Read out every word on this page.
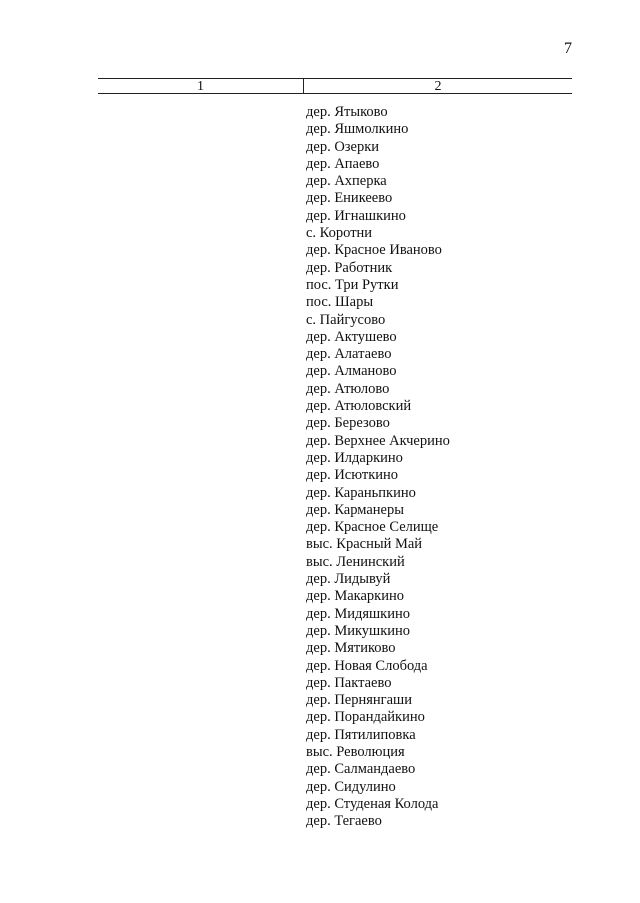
7
1	2
дер. Ятыково
дер. Яшмолкино
дер. Озерки
дер. Апаево
дер. Ахперка
дер. Еникеево
дер. Игнашкино
с. Коротни
дер. Красное Иваново
дер. Работник
пос. Три Рутки
пос. Шары
с. Пайгусово
дер. Актушево
дер. Алатаево
дер. Алманово
дер. Атюлово
дер. Атюловский
дер. Березово
дер. Верхнее Акчерино
дер. Илдаркино
дер. Исюткино
дер. Караньпкино
дер. Карманеры
дер. Красное Селище
выс. Красный Май
выс. Ленинский
дер. Лидывуй
дер. Макаркино
дер. Мидяшкино
дер. Микушкино
дер. Мятиково
дер. Новая Слобода
дер. Пактаево
дер. Пернянгаши
дер. Порандайкино
дер. Пятилиповка
выс. Революция
дер. Салмандаево
дер. Сидулино
дер. Студеная Колода
дер. Тегаево
